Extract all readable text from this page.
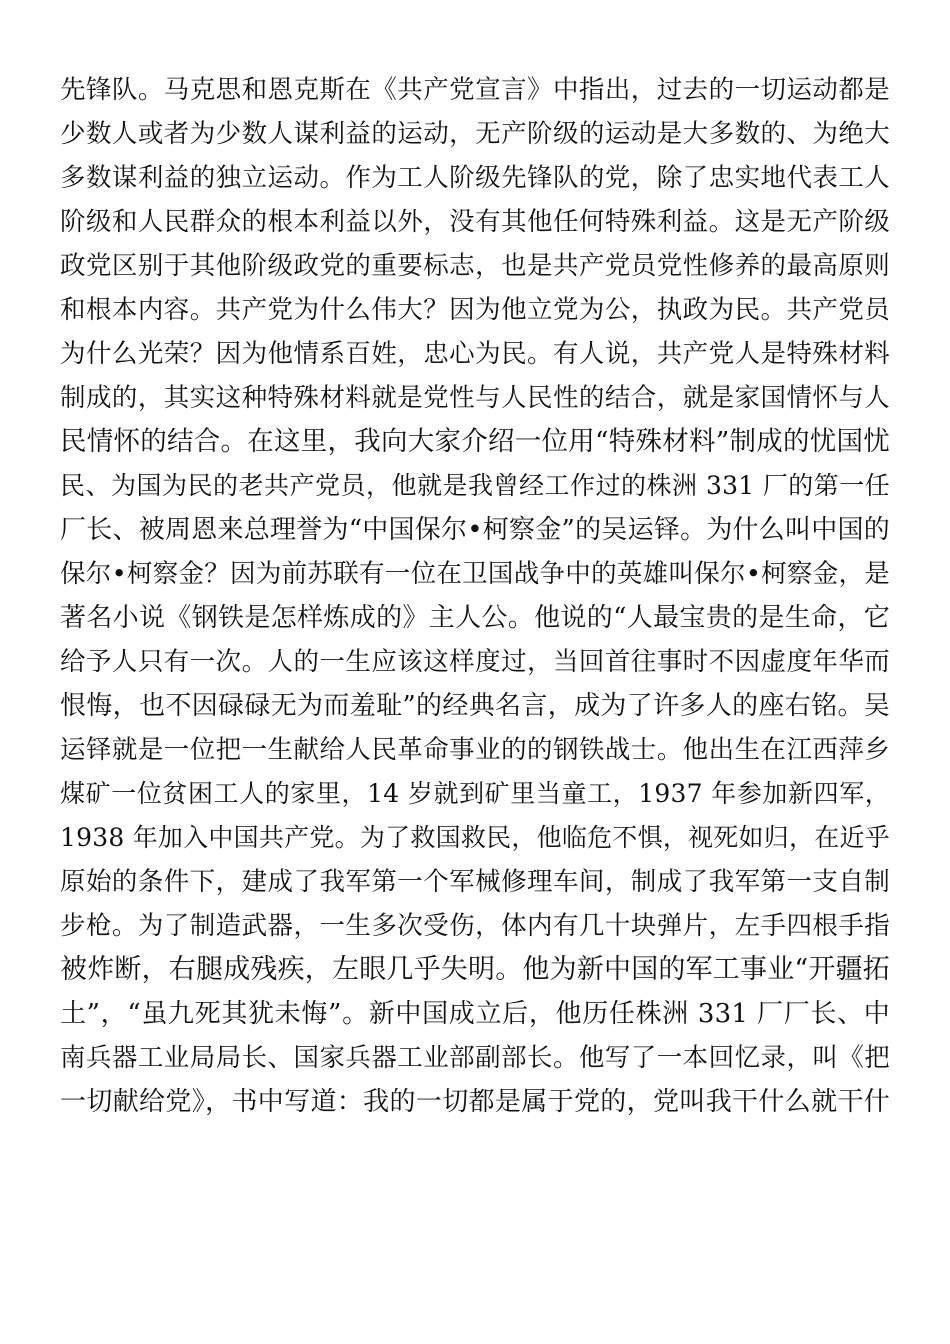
先锋队。马克思和恩克斯在《共产党宣言》中指出，过去的一切运动都是
少数人或者为少数人谋利益的运动，无产阶级的运动是大多数的、为绝大
多数谋利益的独立运动。作为工人阶级先锋队的党，除了忠实地代表工人
阶级和人民群众的根本利益以外，没有其他任何特殊利益。这是无产阶级
政党区别于其他阶级政党的重要标志，也是共产党员党性修养的最高原则
和根本内容。共产党为什么伟大？因为他立党为公，执政为民。共产党员
为什么光荣？因为他情系百姓，忠心为民。有人说，共产党人是特殊材料
制成的，其实这种特殊材料就是党性与人民性的结合，就是家国情怀与人
民情怀的结合。在这里，我向大家介绍一位用“特殊材料”制成的忧国忧
民、为国为民的老共产党员，他就是我曾经工作过的株洲 331 厂的第一任
厂长、被周恩来总理誉为“中国保尔•柯察金”的吴运铎。为什么叫中国的
保尔•柯察金？因为前苏联有一位在卫国战争中的英雄叫保尔•柯察金，是
著名小说《钢铁是怎样炼成的》主人公。他说的“人最宝贵的是生命，它
给予人只有一次。人的一生应该这样度过，当回首往事时不因虚度年华而
恨悔，也不因碌碌无为而羞耻”的经典名言，成为了许多人的座右铭。吴
运铎就是一位把一生献给人民革命事业的的钢铁战士。他出生在江西萍乡
煤矿一位贫困工人的家里，14 岁就到矿里当童工，1937 年参加新四军，
1938 年加入中国共产党。为了救国救民，他临危不惧，视死如归，在近乎
原始的条件下，建成了我军第一个军械修理车间，制成了我军第一支自制
步枪。为了制造武器，一生多次受伤，体内有几十块弹片，左手四根手指
被炸断，右腿成残疾，左眼几乎失明。他为新中国的军工事业“开疆拓
土”，“虽九死其犹未悔”。新中国成立后，他历任株洲 331 厂厂长、中
南兵器工业局局长、国家兵器工业部副部长。他写了一本回忆录，叫《把
一切献给党》，书中写道：我的一切都是属于党的，党叫我干什么就干什
